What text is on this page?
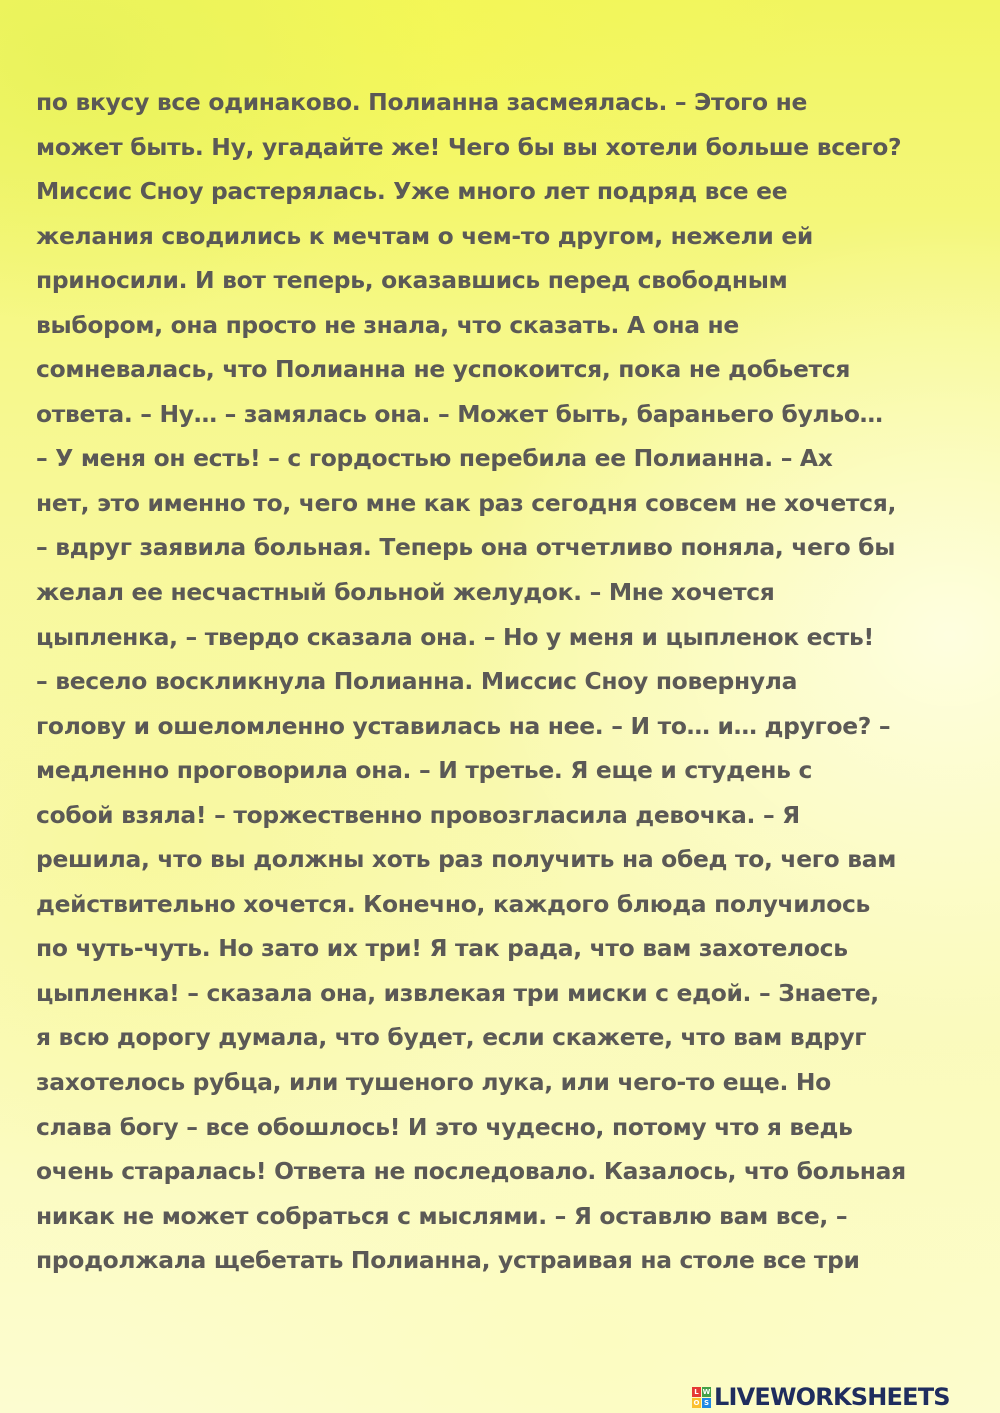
по вкусу все одинаково. Полианна засмеялась. – Этого не
может быть. Ну, угадайте же! Чего бы вы хотели больше всего?
Миссис Сноу растерялась. Уже много лет подряд все ее
желания сводились к мечтам о чем-то другом, нежели ей
приносили. И вот теперь, оказавшись перед свободным
выбором, она просто не знала, что сказать. А она не
сомневалась, что Полианна не успокоится, пока не добьется
ответа. – Ну… – замялась она. – Может быть, бараньего бульо…
– У меня он есть! – с гордостью перебила ее Полианна. – Ах
нет, это именно то, чего мне как раз сегодня совсем не хочется,
– вдруг заявила больная. Теперь она отчетливо поняла, чего бы
желал ее несчастный больной желудок. – Мне хочется
цыпленка, – твердо сказала она. – Но у меня и цыпленок есть!
– весело воскликнула Полианна. Миссис Сноу повернула
голову и ошеломленно уставилась на нее. – И то… и… другое? –
медленно проговорила она. – И третье. Я еще и студень с
собой взяла! – торжественно провозгласила девочка. – Я
решила, что вы должны хоть раз получить на обед то, чего вам
действительно хочется. Конечно, каждого блюда получилось
по чуть-чуть. Но зато их три! Я так рада, что вам захотелось
цыпленка! – сказала она, извлекая три миски с едой. – Знаете,
я всю дорогу думала, что будет, если скажете, что вам вдруг
захотелось рубца, или тушеного лука, или чего-то еще. Но
слава богу – все обошлось! И это чудесно, потому что я ведь
очень старалась! Ответа не последовало. Казалось, что больная
никак не может собраться с мыслями. – Я оставлю вам все, –
продолжала щебетать Полианна, устраивая на столе все три
L W
O S LIVEWORKSHEETS
